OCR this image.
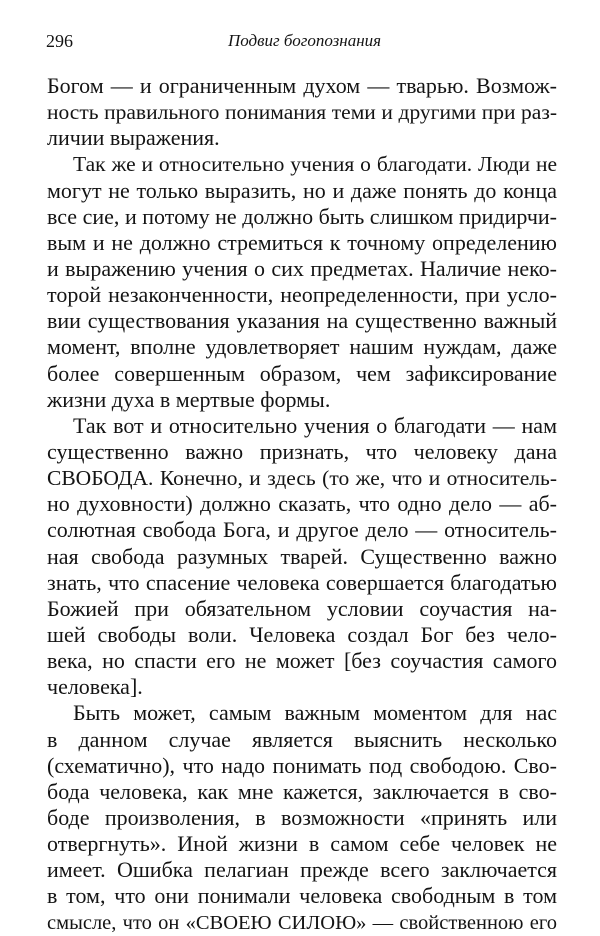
296	Подвиг богопознания
Богом — и ограниченным духом — тварью. Возмож-
ность правильного понимания теми и другими при раз-
личии выражения.
Так же и относительно учения о благодати. Люди не
могут не только выразить, но и даже понять до конца
все сие, и потому не должно быть слишком придирчи-
вым и не должно стремиться к точному определению
и выражению учения о сих предметах. Наличие неко-
торой незаконченности, неопределенности, при усло-
вии существования указания на существенно важный
момент, вполне удовлетворяет нашим нуждам, даже
более совершенным образом, чем зафиксирование
жизни духа в мертвые формы.
Так вот и относительно учения о благодати — нам
существенно важно признать, что человеку дана
СВОБОДА. Конечно, и здесь (то же, что и относитель-
но духовности) должно сказать, что одно дело — аб-
солютная свобода Бога, и другое дело — относитель-
ная свобода разумных тварей. Существенно важно
знать, что спасение человека совершается благодатью
Божией при обязательном условии соучастия на-
шей свободы воли. Человека создал Бог без чело-
века, но спасти его не может [без соучастия самого
человека].
Быть может, самым важным моментом для нас
в данном случае является выяснить несколько
(схематично), что надо понимать под свободою. Сво-
бода человека, как мне кажется, заключается в сво-
боде произволения, в возможности «принять или
отвергнуть». Иной жизни в самом себе человек не
имеет. Ошибка пелагиан прежде всего заключается
в том, что они понимали человека свободным в том
смысле, что он «СВОЕЮ СИЛОЮ» — свойственною его
